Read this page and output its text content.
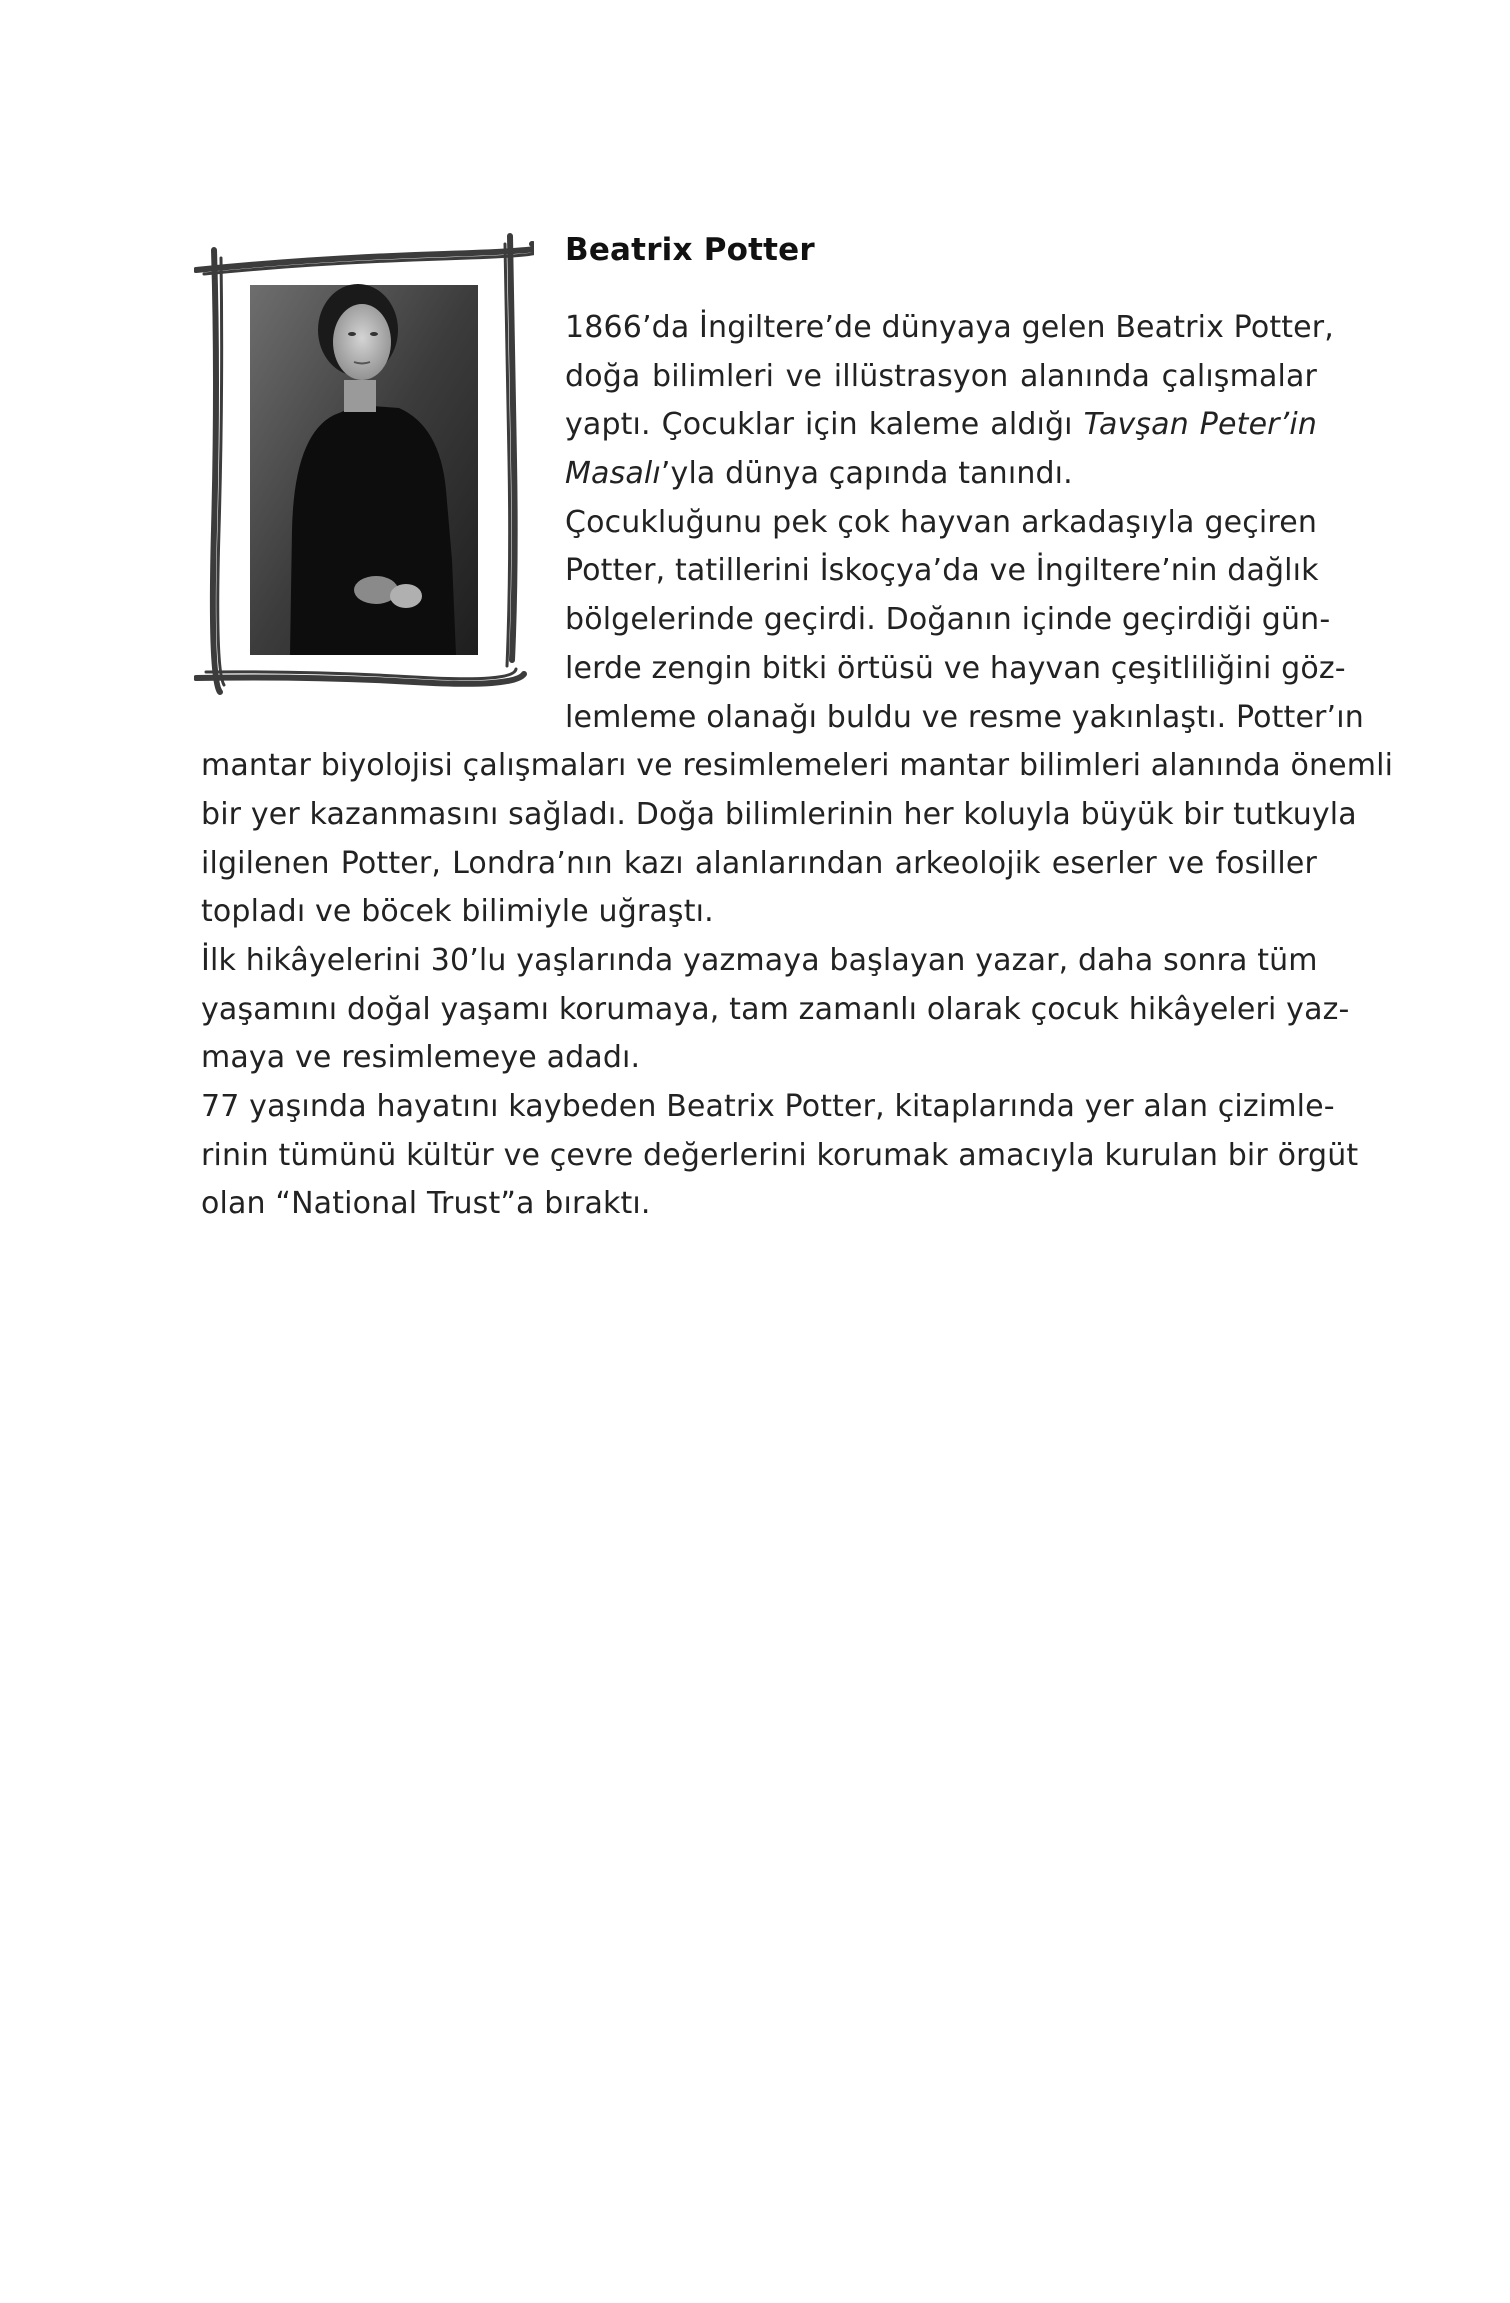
Beatrix Potter
1866’da İngiltere’de dünyaya gelen Beatrix Potter,
doğa bilimleri ve illüstrasyon alanında çalışmalar
yaptı. Çocuklar için kaleme aldığı Tavşan Peter’in
Masalı’yla dünya çapında tanındı.
Çocukluğunu pek çok hayvan arkadaşıyla geçiren
Potter, tatillerini İskoçya’da ve İngiltere’nin dağlık
bölgelerinde geçirdi. Doğanın içinde geçirdiği gün-
lerde zengin bitki örtüsü ve hayvan çeşitliliğini göz-
lemleme olanağı buldu ve resme yakınlaştı. Potter’ın
mantar biyolojisi çalışmaları ve resimlemeleri mantar bilimleri alanında önemli
bir yer kazanmasını sağladı. Doğa bilimlerinin her koluyla büyük bir tutkuyla
ilgilenen Potter, Londra’nın kazı alanlarından arkeolojik eserler ve fosiller
topladı ve böcek bilimiyle uğraştı.
İlk hikâyelerini 30’lu yaşlarında yazmaya başlayan yazar, daha sonra tüm
yaşamını doğal yaşamı korumaya, tam zamanlı olarak çocuk hikâyeleri yaz-
maya ve resimlemeye adadı.
77 yaşında hayatını kaybeden Beatrix Potter, kitaplarında yer alan çizimle-
rinin tümünü kültür ve çevre değerlerini korumak amacıyla kurulan bir örgüt
olan “National Trust”a bıraktı.
